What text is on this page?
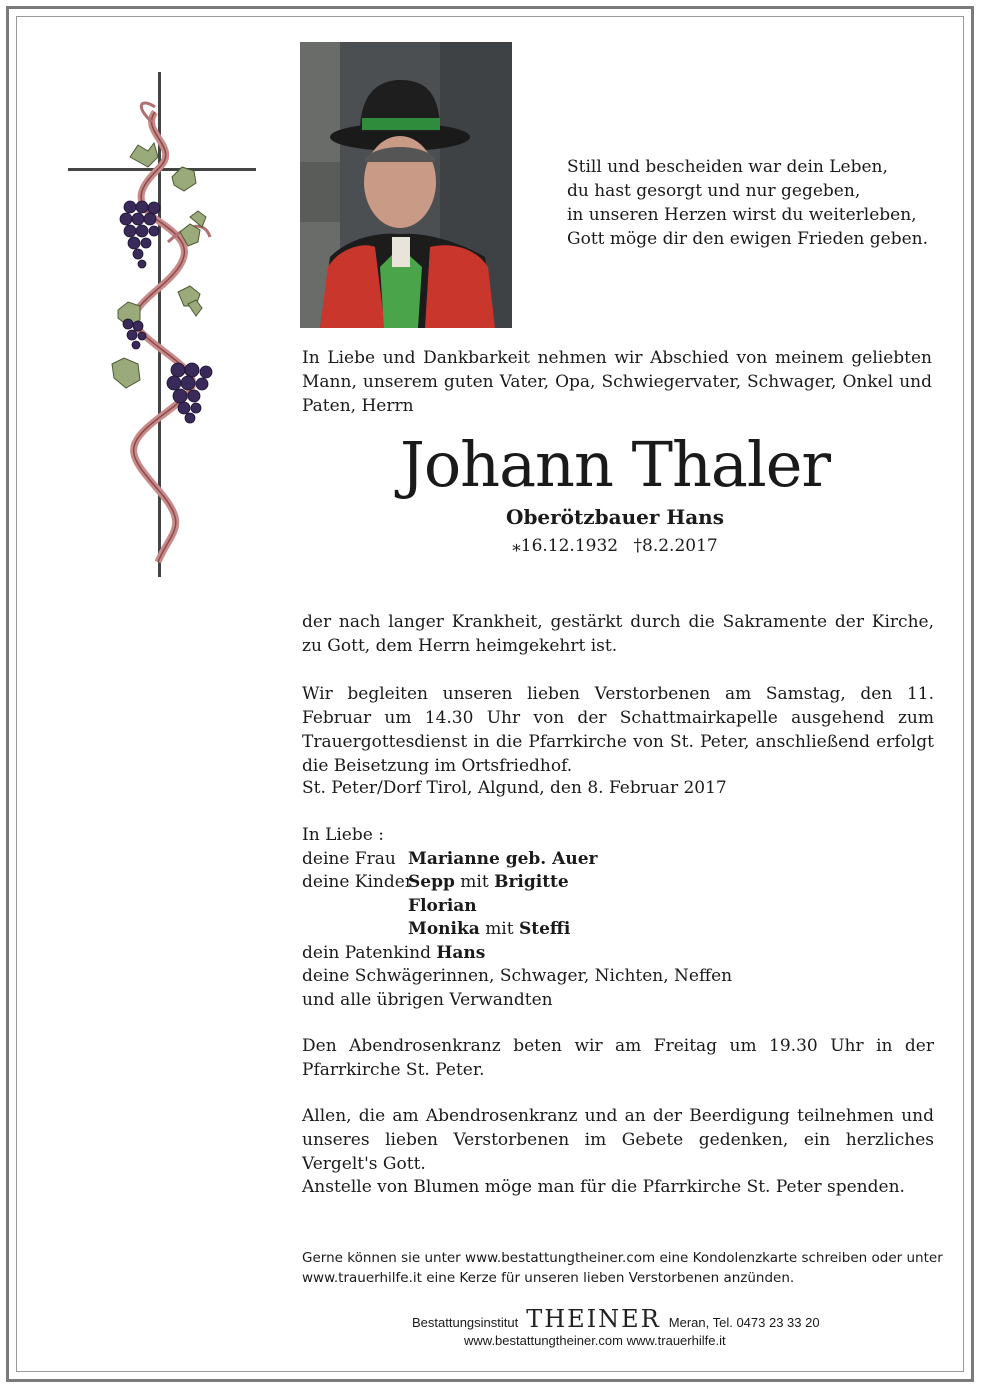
Still und bescheiden war dein Leben,
du hast gesorgt und nur gegeben,
in unseren Herzen wirst du weiterleben,
Gott möge dir den ewigen Frieden geben.
In Liebe und Dankbarkeit nehmen wir Abschied von meinem geliebten Mann, unserem guten Vater, Opa, Schwiegervater, Schwager, Onkel und Paten, Herrn
Johann Thaler
Oberötzbauer Hans
⁎16.12.1932 †8.2.2017
der nach langer Krankheit, gestärkt durch die Sakramente der Kirche, zu Gott, dem Herrn heimgekehrt ist.
Wir begleiten unseren lieben Verstorbenen am Samstag, den 11. Februar um 14.30 Uhr von der Schattmairkapelle ausgehend zum Trauergottesdienst in die Pfarrkirche von St. Peter, anschließend erfolgt die Beisetzung im Ortsfriedhof.
St. Peter/Dorf Tirol, Algund, den 8. Februar 2017
In Liebe :
deine Frau Marianne geb. Auer
deine KinderSepp mit Brigitte
Florian
Monika mit Steffi
dein Patenkind Hans
deine Schwägerinnen, Schwager, Nichten, Neffen
und alle übrigen Verwandten
Den Abendrosenkranz beten wir am Freitag um 19.30 Uhr in der Pfarrkirche St. Peter.
Allen, die am Abendrosenkranz und an der Beerdigung teilnehmen und unseres lieben Verstorbenen im Gebete gedenken, ein herzliches Vergelt's Gott.
Anstelle von Blumen möge man für die Pfarrkirche St. Peter spenden.
Gerne können sie unter www.bestattungtheiner.com eine Kondolenzkarte schreiben oder unter
www.trauerhilfe.it eine Kerze für unseren lieben Verstorbenen anzünden.
Bestattungsinstitut THEINER Meran, Tel. 0473 23 33 20
www.bestattungtheiner.com www.trauerhilfe.it
